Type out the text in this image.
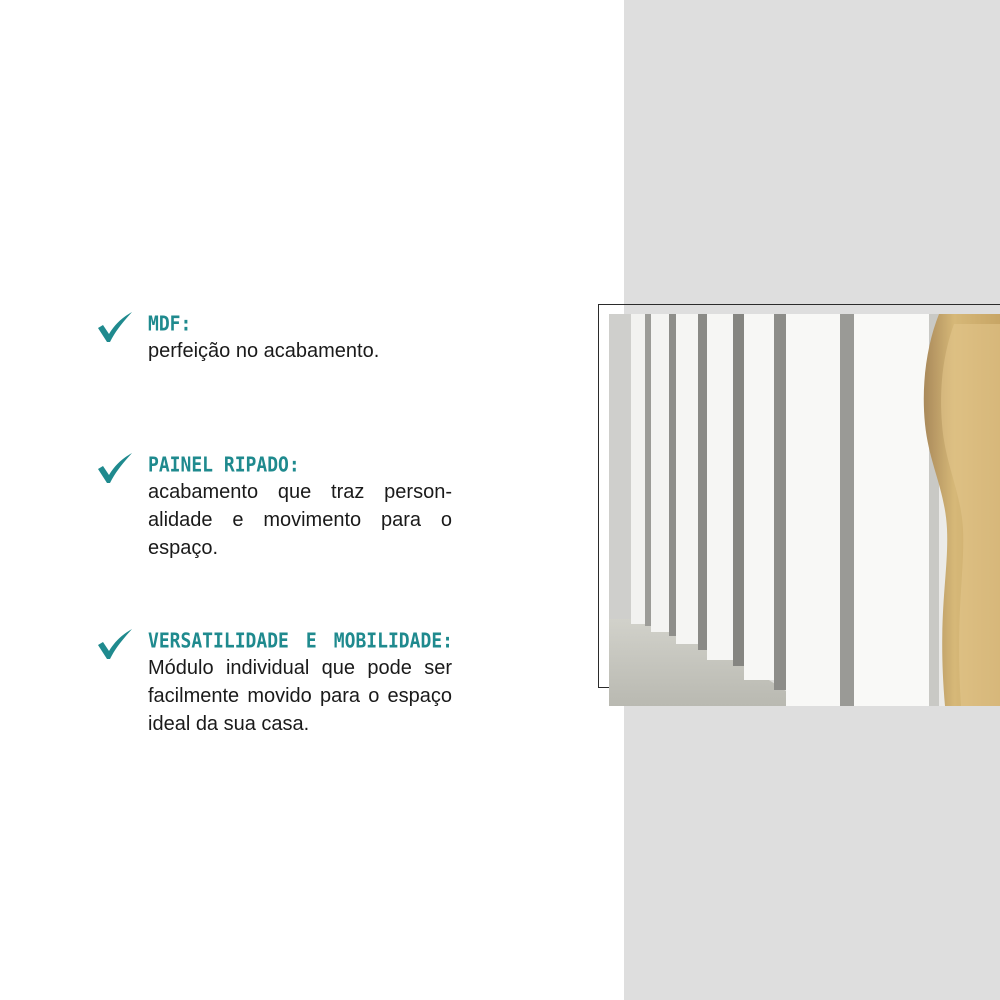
MDF:
perfeição no acabamento.
PAINEL RIPADO:
acabamento que traz person-alidade e movimento para o espaço.
VERSATILIDADE E MOBILIDADE:
Módulo individual que pode ser facilmente movido para o espaço ideal da sua casa.
